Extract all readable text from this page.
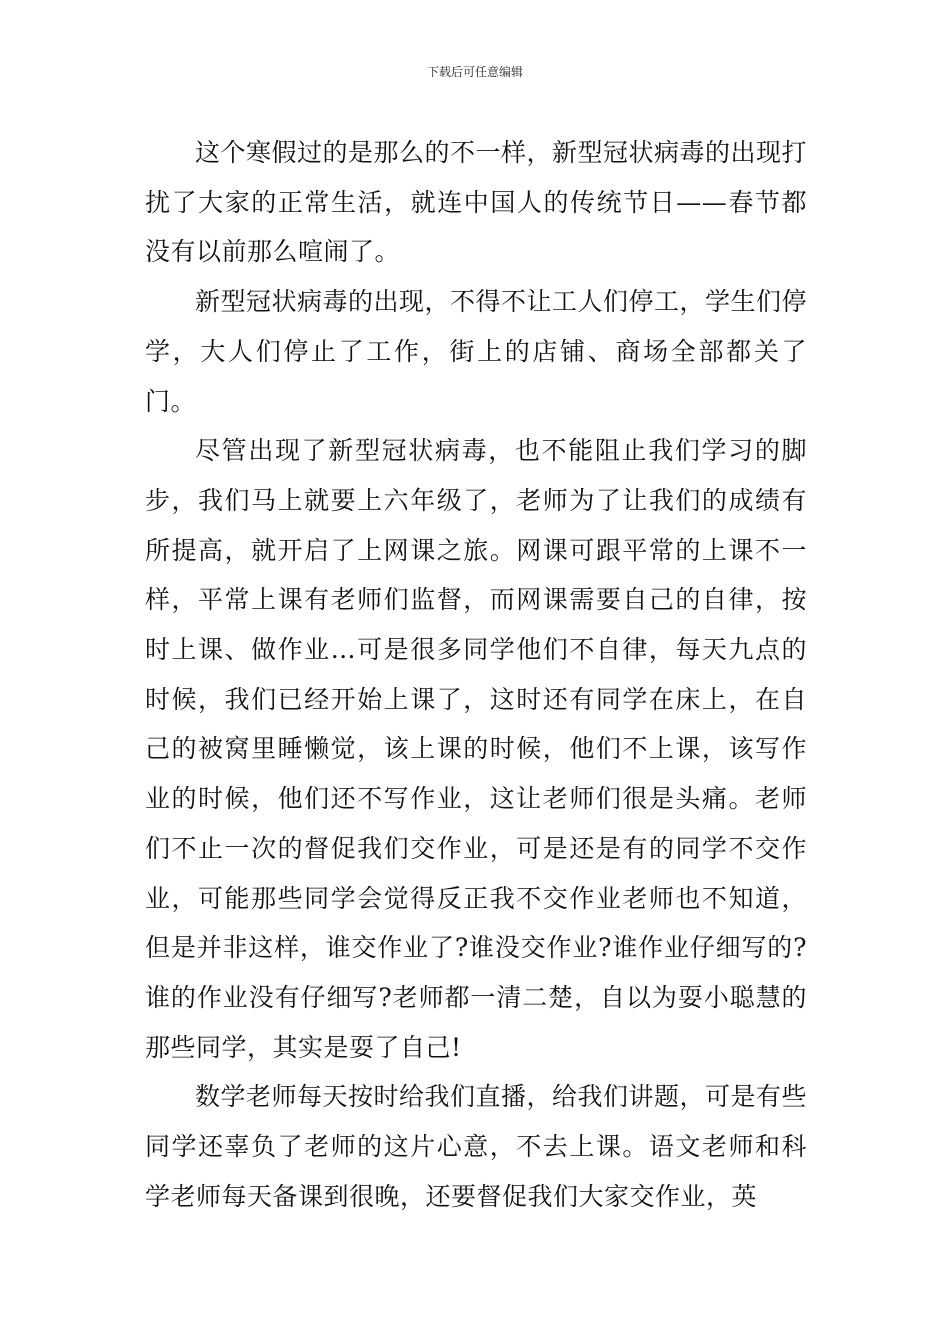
下载后可任意编辑

这个寒假过的是那么的不一样，新型冠状病毒的出现打扰了大家的正常生活，就连中国人的传统节日——春节都没有以前那么喧闹了。

新型冠状病毒的出现，不得不让工人们停工，学生们停学，大人们停止了工作，街上的店铺、商场全部都关了门。

尽管出现了新型冠状病毒，也不能阻止我们学习的脚步，我们马上就要上六年级了，老师为了让我们的成绩有所提高，就开启了上网课之旅。网课可跟平常的上课不一样，平常上课有老师们监督，而网课需要自己的自律，按时上课、做作业…可是很多同学他们不自律，每天九点的时候，我们已经开始上课了，这时还有同学在床上，在自己的被窝里睡懒觉，该上课的时候，他们不上课，该写作业的时候，他们还不写作业，这让老师们很是头痛。老师们不止一次的督促我们交作业，可是还是有的同学不交作业，可能那些同学会觉得反正我不交作业老师也不知道，但是并非这样，谁交作业了?谁没交作业?谁作业仔细写的?谁的作业没有仔细写?老师都一清二楚，自以为耍小聪慧的那些同学，其实是耍了自己!

数学老师每天按时给我们直播，给我们讲题，可是有些同学还辜负了老师的这片心意，不去上课。语文老师和科学老师每天备课到很晚，还要督促我们大家交作业，英
